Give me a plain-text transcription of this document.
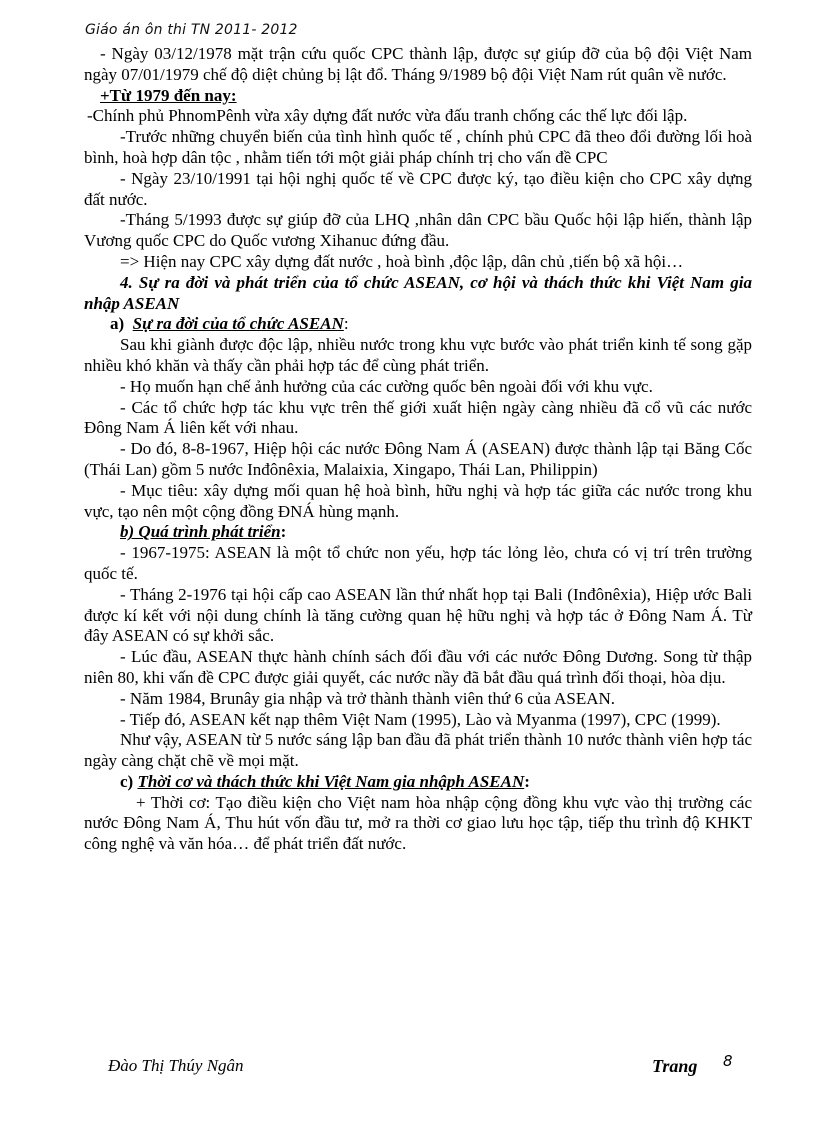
Giáo án ôn thi TN 2011- 2012

- Ngày 03/12/1978 mặt trận cứu quốc CPC thành lập, được sự giúp đỡ của bộ đội Việt Nam ngày 07/01/1979 chế độ diệt chủng bị lật đổ. Tháng 9/1989 bộ đội Việt Nam rút quân về nước.

+Từ 1979 đến nay:

-Chính phủ PhnomPênh vừa xây dựng đất nước vừa đấu tranh chống các thế lực đối lập.

-Trước những chuyển biến của tình hình quốc tế , chính phủ CPC đã theo đổi đường lối hoà bình, hoà hợp dân tộc , nhằm tiến tới một giải pháp chính trị cho vấn đề CPC

- Ngày 23/10/1991 tại hội nghị quốc tế về CPC được ký, tạo điều kiện cho CPC xây dựng đất nước.

-Tháng 5/1993 được sự giúp đỡ của LHQ ,nhân dân CPC bầu Quốc hội lập hiến, thành lập Vương quốc CPC do Quốc vương Xihanuc đứng đầu.

=> Hiện nay CPC xây dựng đất nước , hoà bình ,độc lập, dân chủ ,tiến bộ xã hội…

4. Sự ra đời và phát triển của tổ chức ASEAN, cơ hội và thách thức khi Việt Nam gia nhập ASEAN

a) Sự ra đời của tổ chức ASEAN:

Sau khi giành được độc lập, nhiều nước trong khu vực bước vào phát triển kinh tế song gặp nhiều khó khăn và thấy cần phải hợp tác để cùng phát triển.

- Họ muốn hạn chế ảnh hưởng của các cường quốc bên ngoài đối với khu vực.

- Các tổ chức hợp tác khu vực trên thế giới xuất hiện ngày càng nhiều đã cổ vũ các nước Đông Nam Á liên kết với nhau.

- Do đó, 8-8-1967, Hiệp hội các nước Đông Nam Á (ASEAN) được thành lập tại Băng Cốc (Thái Lan) gồm 5 nước Inđônêxia, Malaixia, Xingapo, Thái Lan, Philippin)

- Mục tiêu: xây dựng mối quan hệ hoà bình, hữu nghị và hợp tác giữa các nước trong khu vực, tạo nên một cộng đồng ĐNÁ hùng mạnh.

b) Quá trình phát triển:

- 1967-1975: ASEAN là một tổ chức non yếu, hợp tác lỏng lẻo, chưa có vị trí trên trường quốc tế.

- Tháng 2-1976 tại hội cấp cao ASEAN lần thứ nhất họp tại Bali (Inđônêxia), Hiệp ước Bali được kí kết với nội dung chính là tăng cường quan hệ hữu nghị và hợp tác ở Đông Nam Á. Từ đây ASEAN có sự khởi sắc.

- Lúc đầu, ASEAN thực hành chính sách đối đầu với các nước Đông Dương. Song từ thập niên 80, khi vấn đề CPC được giải quyết, các nước nầy đã bắt đầu quá trình đối thoại, hòa dịu.

- Năm 1984, Brunây gia nhập và trở thành thành viên thứ 6 của ASEAN.

- Tiếp đó, ASEAN kết nạp thêm Việt Nam (1995), Lào và Myanma (1997), CPC (1999).

Như vậy, ASEAN từ 5 nước sáng lập ban đầu đã phát triển thành 10 nước thành viên hợp tác ngày càng chặt chẽ về mọi mặt.

c) Thời cơ và thách thức khi Việt Nam gia nhậph ASEAN:

+ Thời cơ: Tạo điều kiện cho Việt nam hòa nhập cộng đồng khu vực vào thị trường các nước Đông Nam Á, Thu hút vốn đầu tư, mở ra thời cơ giao lưu học tập, tiếp thu trình độ KHKT công nghệ và văn hóa… để phát triển đất nước.

Đào Thị Thúy Ngân	Trang 8
